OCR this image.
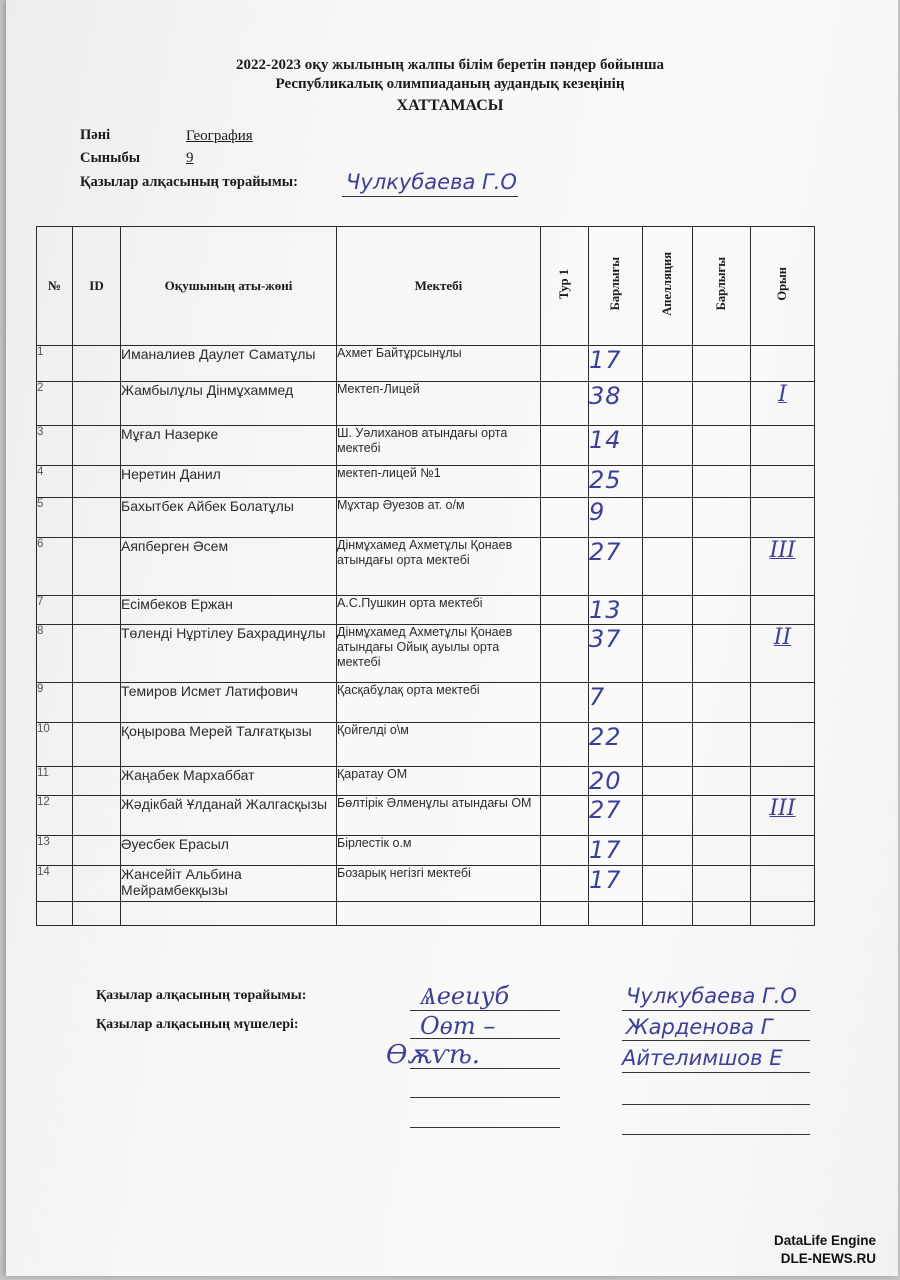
2022-2023 оқу жылының жалпы білім беретін пәндер бойынша
Республикалық олимпиаданың аудандық кезеңінің
ХАТТАМАСЫ
Пәні	География
Сыныбы	9
Қазылар алқасының төрайымы: Чулкубаева Г.О
№	ID	Оқушының аты-жөні	Мектебі	Тур 1	Барлығы	Апелляция	Барлығы	Орын
1		Иманалиев Даулет Саматұлы	Ахмет Байтұрсынұлы		17			
2		Жамбылұлы Дінмұхаммед	Мектеп-Лицей		38			I
3		Мұғал Назерке	Ш. Уәлиханов атындағы орта мектебі		14			
4		Неретин Данил	мектеп-лицей №1		25			
5		Бахытбек Айбек Болатұлы	Мұхтар Әуезов ат. о/м		9			
6		Аяпберген Әсем	Дінмұхамед Ахметұлы Қонаев атындағы орта мектебі		27			III
7		Есімбеков Ержан	А.С.Пушкин орта мектебі		13			
8		Төленді Нұртілеу Бахрадинұлы	Дінмұхамед Ахметұлы Қонаев атындағы Ойық ауылы орта мектебі		37			II
9		Темиров Исмет Латифович	Қасқабұлақ орта мектебі		7			
10		Қоңырова Мерей Талғатқызы	Қойгелді о\м		22			
11		Жаңабек Мархаббат	Қаратау ОМ		20			
12		Жәдікбай Ұлданай Жалгасқызы	Бөлтірік Әлменұлы атындағы ОМ		27			III
13		Әуесбек Ерасыл	Бірлестік о.м		17			
14		Жансейіт Альбина Мейрамбекқызы	Бозарық негізгі мектебі		17			

Қазылар алқасының төрайымы:
Қазылар алқасының мүшелері:
Ѧееиуб
Оѳт –
Ѳѫѵѣ.
Чулкубаева Г.О
Жарденова Г
Айтелимшов Е
DataLife Engine
DLE-NEWS.RU
